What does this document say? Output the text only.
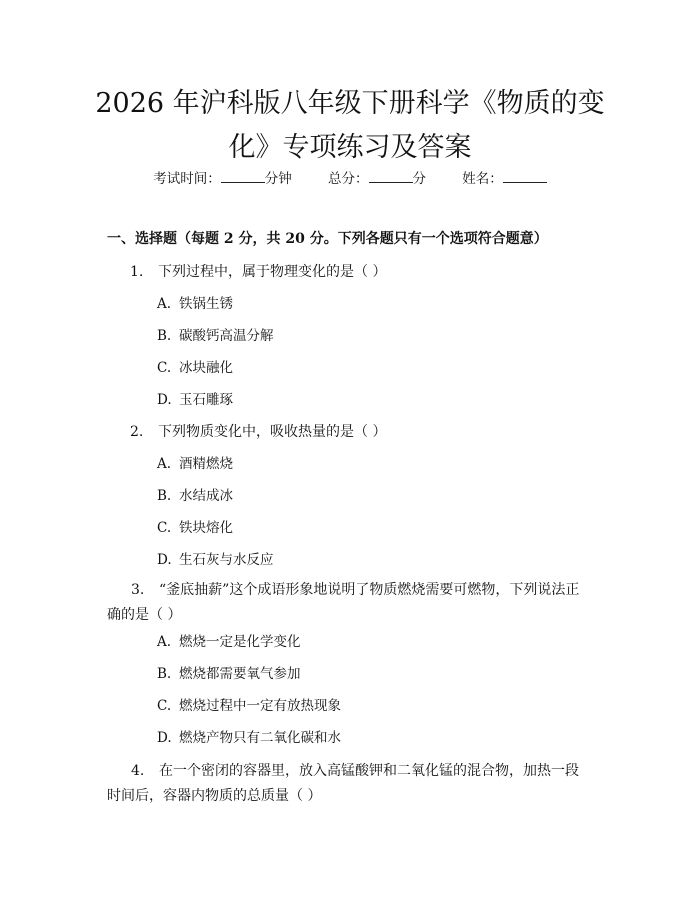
2026 年沪科版八年级下册科学《物质的变
化》专项练习及答案
考试时间：	分钟	总分：	分	姓名：
一、选择题（每题 2 分，共 20 分。下列各题只有一个选项符合题意）
1. 下列过程中，属于物理变化的是（ ）
A. 铁锅生锈
B. 碳酸钙高温分解
C. 冰块融化
D. 玉石雕琢
2. 下列物质变化中，吸收热量的是（ ）
A. 酒精燃烧
B. 水结成冰
C. 铁块熔化
D. 生石灰与水反应
3. “釜底抽薪”这个成语形象地说明了物质燃烧需要可燃物，下列说法正确的是（ ）
A. 燃烧一定是化学变化
B. 燃烧都需要氧气参加
C. 燃烧过程中一定有放热现象
D. 燃烧产物只有二氧化碳和水
4. 在一个密闭的容器里，放入高锰酸钾和二氧化锰的混合物，加热一段时间后，容器内物质的总质量（ ）
